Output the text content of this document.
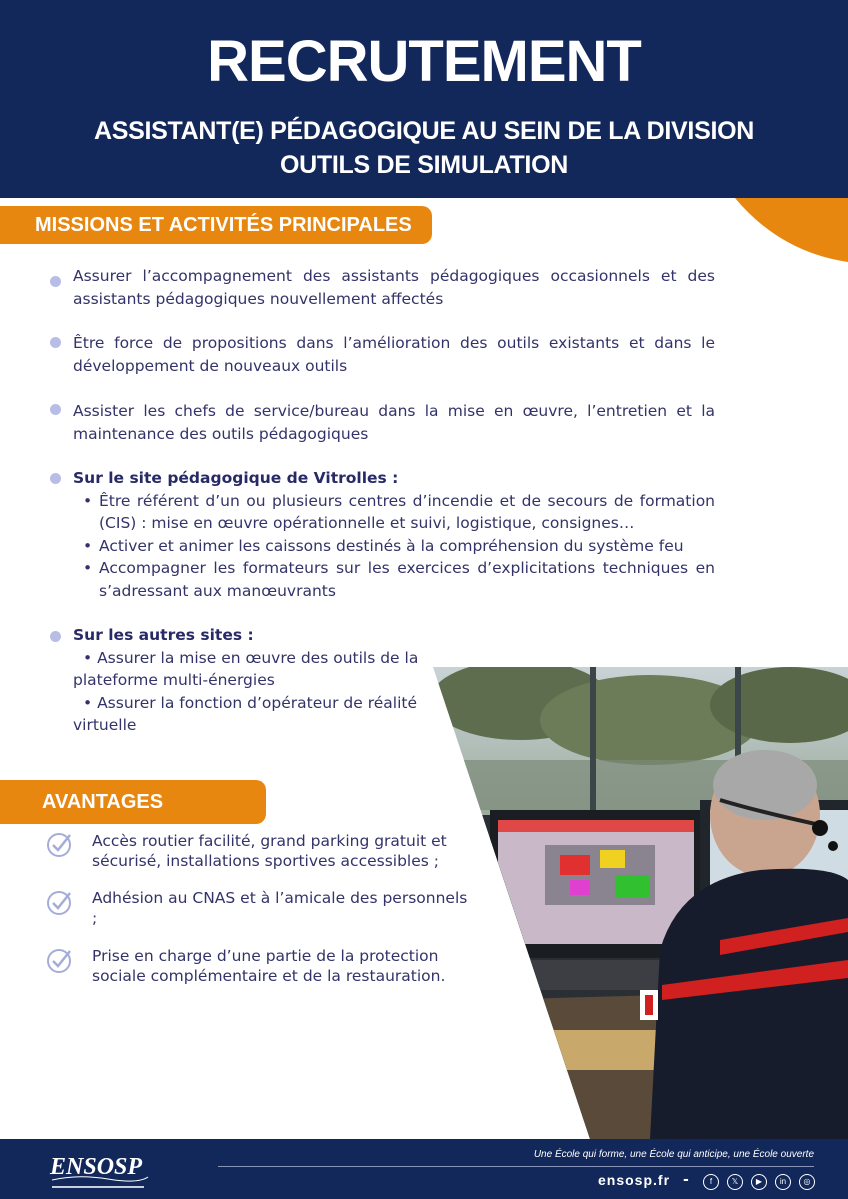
RECRUTEMENT
ASSISTANT(E) PÉDAGOGIQUE AU SEIN DE LA DIVISION OUTILS DE SIMULATION
MISSIONS ET ACTIVITÉS PRINCIPALES
Assurer l’accompagnement des assistants pédagogiques occasionnels et des assistants pédagogiques nouvellement affectés
Être force de propositions dans l’amélioration des outils existants et dans le développement de nouveaux outils
Assister les chefs de service/bureau dans la mise en œuvre, l’entretien et la maintenance des outils pédagogiques
Sur le site pédagogique de Vitrolles :
• Être référent d’un ou plusieurs centres d’incendie et de secours de formation (CIS) : mise en œuvre opérationnelle et suivi, logistique, consignes…
• Activer et animer les caissons destinés à la compréhension du système feu
• Accompagner les formateurs sur les exercices d’explicitations techniques en s’adressant aux manœuvrants
Sur les autres sites :
• Assurer la mise en œuvre des outils de la plateforme multi-énergies
• Assurer la fonction d’opérateur de réalité virtuelle
AVANTAGES
Accès routier facilité, grand parking gratuit et sécurisé, installations sportives accessibles ;
Adhésion au CNAS et à l’amicale des personnels ;
Prise en charge d’une partie de la protection sociale complémentaire et de la restauration.
ENSOSP	Une École qui forme, une École qui anticipe, une École ouverte
ensosp.fr -	f	𝕏	▶	in	◎
